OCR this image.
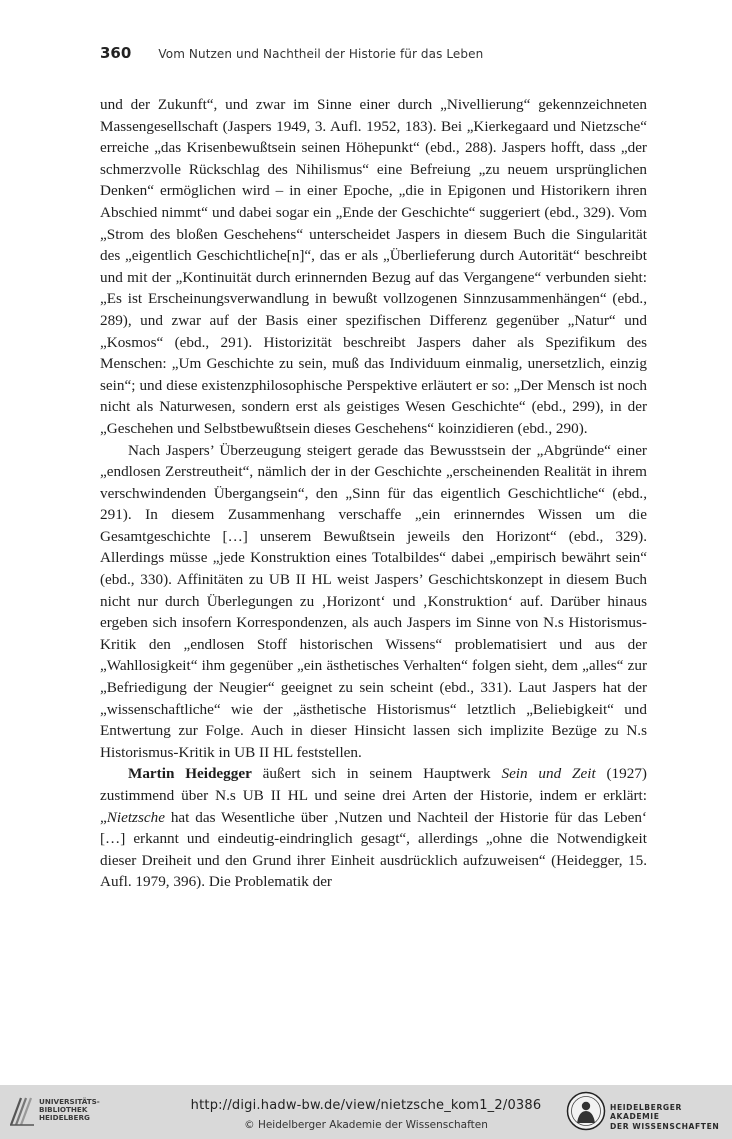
360 Vom Nutzen und Nachtheil der Historie für das Leben

und der Zukunft“, und zwar im Sinne einer durch „Nivellierung“ gekennzeichneten Massengesellschaft (Jaspers 1949, 3. Aufl. 1952, 183). Bei „Kierkegaard und Nietzsche“ erreiche „das Krisenbewußtsein seinen Höhepunkt“ (ebd., 288). Jaspers hofft, dass „der schmerzvolle Rückschlag des Nihilismus“ eine Befreiung „zu neuem ursprünglichen Denken“ ermöglichen wird – in einer Epoche, „die in Epigonen und Historikern ihren Abschied nimmt“ und dabei sogar ein „Ende der Geschichte“ suggeriert (ebd., 329). Vom „Strom des bloßen Geschehens“ unterscheidet Jaspers in diesem Buch die Singularität des „eigentlich Geschichtliche[n]“, das er als „Überlieferung durch Autorität“ beschreibt und mit der „Kontinuität durch erinnernden Bezug auf das Vergangene“ verbunden sieht: „Es ist Erscheinungsverwandlung in bewußt vollzogenen Sinnzusammenhängen“ (ebd., 289), und zwar auf der Basis einer spezifischen Differenz gegenüber „Natur“ und „Kosmos“ (ebd., 291). Historizität beschreibt Jaspers daher als Spezifikum des Menschen: „Um Geschichte zu sein, muß das Individuum einmalig, unersetzlich, einzig sein“; und diese existenzphilosophische Perspektive erläutert er so: „Der Mensch ist noch nicht als Naturwesen, sondern erst als geistiges Wesen Geschichte“ (ebd., 299), in der „Geschehen und Selbstbewußtsein dieses Geschehens“ koinzidieren (ebd., 290).

Nach Jaspers’ Überzeugung steigert gerade das Bewusstsein der „Abgründe“ einer „endlosen Zerstreutheit“, nämlich der in der Geschichte „erscheinenden Realität in ihrem verschwindenden Übergangsein“, den „Sinn für das eigentlich Geschichtliche“ (ebd., 291). In diesem Zusammenhang verschaffe „ein erinnerndes Wissen um die Gesamtgeschichte […] unserem Bewußtsein jeweils den Horizont“ (ebd., 329). Allerdings müsse „jede Konstruktion eines Totalbildes“ dabei „empirisch bewährt sein“ (ebd., 330). Affinitäten zu UB II HL weist Jaspers’ Geschichtskonzept in diesem Buch nicht nur durch Überlegungen zu ‚Horizont‘ und ‚Konstruktion‘ auf. Darüber hinaus ergeben sich insofern Korrespondenzen, als auch Jaspers im Sinne von N.s Historismus-Kritik den „endlosen Stoff historischen Wissens“ problematisiert und aus der „Wahllosigkeit“ ihm gegenüber „ein ästhetisches Verhalten“ folgen sieht, dem „alles“ zur „Befriedigung der Neugier“ geeignet zu sein scheint (ebd., 331). Laut Jaspers hat der „wissenschaftliche“ wie der „ästhetische Historismus“ letztlich „Beliebigkeit“ und Entwertung zur Folge. Auch in dieser Hinsicht lassen sich implizite Bezüge zu N.s Historismus-Kritik in UB II HL feststellen.

Martin Heidegger äußert sich in seinem Hauptwerk Sein und Zeit (1927) zustimmend über N.s UB II HL und seine drei Arten der Historie, indem er erklärt: „Nietzsche hat das Wesentliche über ‚Nutzen und Nachteil der Historie für das Leben‘ […] erkannt und eindeutig-eindringlich gesagt“, allerdings „ohne die Notwendigkeit dieser Dreiheit und den Grund ihrer Einheit ausdrücklich aufzuweisen“ (Heidegger, 15. Aufl. 1979, 396). Die Problematik der

UNIVERSITÄTS-
BIBLIOTHEK
HEIDELBERG
http://digi.hadw-bw.de/view/nietzsche_kom1_2/0386
© Heidelberger Akademie der Wissenschaften
HEIDELBERGER AKADEMIE
DER WISSENSCHAFTEN
